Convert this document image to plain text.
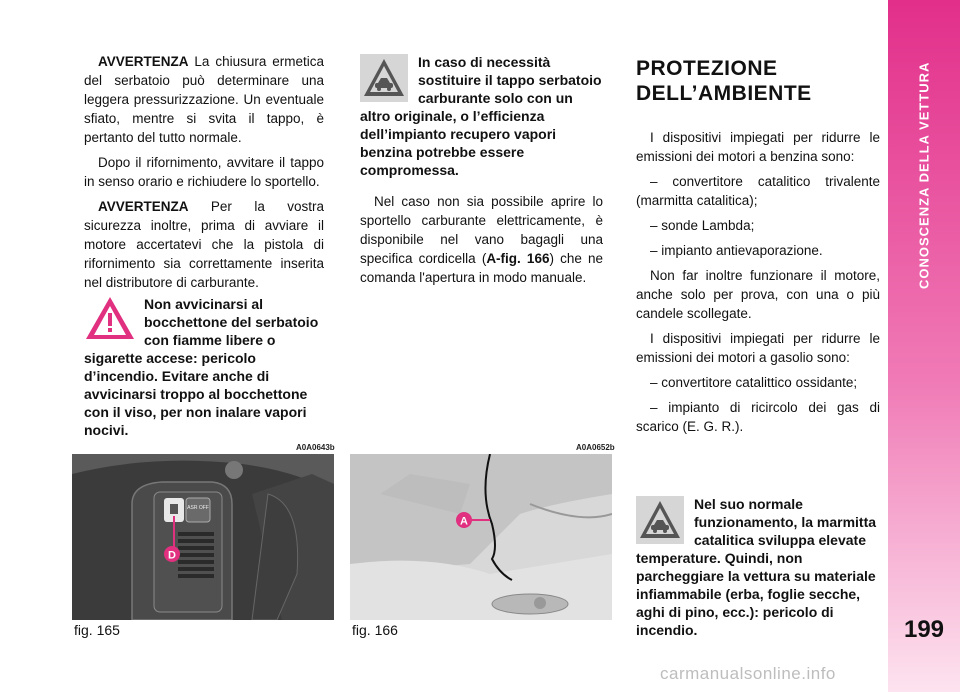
CONOSCENZA DELLA VETTURA
199

AVVERTENZA La chiusura ermetica del serbatoio può determinare una leggera pressurizzazione. Un eventuale sfiato, mentre si svita il tappo, è pertanto del tutto normale.

Dopo il rifornimento, avvitare il tappo in senso orario e richiudere lo sportello.

AVVERTENZA Per la vostra sicurezza inoltre, prima di avviare il motore accertatevi che la pistola di rifornimento sia correttamente inserita nel distributore di carburante.

Non avvicinarsi al bocchettone del serbatoio con fiamme libere o sigarette accese: pericolo d’incendio. Evitare anche di avvicinarsi troppo al bocchettone con il viso, per non inalare vapori nocivi.
In caso di necessità sostituire il tappo serbatoio carburante solo con un altro originale, o l’efficienza dell’impianto recupero vapori benzina potrebbe essere compromessa.

Nel caso non sia possibile aprire lo sportello carburante elettricamente, è disponibile nel vano bagagli una specifica cordicella (A-fig. 166) che ne comanda l'apertura in modo manuale.

PROTEZIONE
DELL’AMBIENTE

I dispositivi impiegati per ridurre le emissioni dei motori a benzina sono:

– convertitore catalitico trivalente (marmitta catalitica);

– sonde Lambda;

– impianto antievaporazione.

Non far inoltre funzionare il motore, anche solo per prova, con una o più candele scollegate.

I dispositivi impiegati per ridurre le emissioni dei motori a gasolio sono:

– convertitore catalittico ossidante;

– impianto di ricircolo dei gas di scarico (E. G. R.).

Nel suo normale funzionamento, la marmitta catalitica sviluppa elevate temperature. Quindi, non parcheggiare la vettura su materiale infiammabile (erba, foglie secche, aghi di pino, ecc.): pericolo di incendio.
A0A0643b
ASR OFF
D
fig. 165
A0A0652b
A
fig. 166
carmanualsonline.info
